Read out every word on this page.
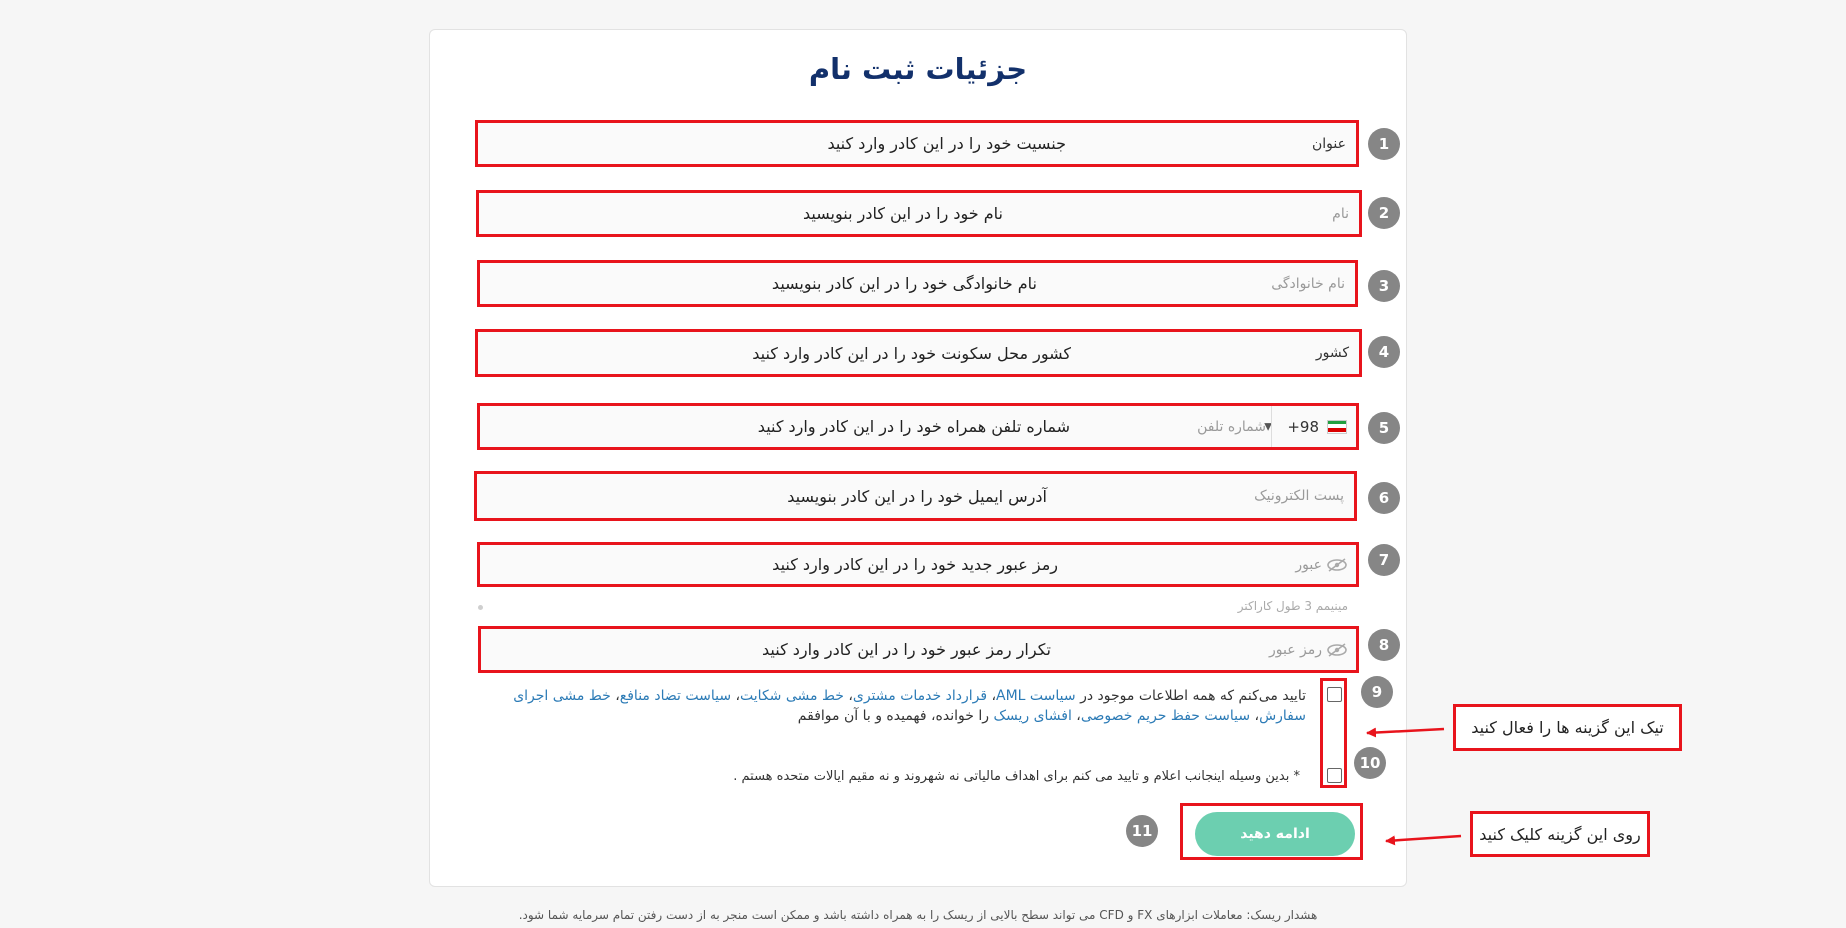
جزئیات ثبت نام
عنوان
جنسیت خود را در این کادر وارد کنید	1
نام
نام خود را در این کادر بنویسید	2
نام خانوادگی
نام خانوادگی خود را در این کادر بنویسید	3
کشور
کشور محل سکونت خود را در این کادر وارد کنید	4
+98
▼
شماره تلفن
شماره تلفن همراه خود را در این کادر وارد کنید	5
پست الکترونیک
آدرس ایمیل خود را در این کادر بنویسید	6
عبور
رمز عبور جدید خود را در این کادر وارد کنید	7
مینیمم 3 طول کاراکتر
رمز عبور
تکرار رمز عبور خود را در این کادر وارد کنید	8
9
10
تایید می‌کنم که همه اطلاعات موجود در سیاست AML، قرارداد خدمات مشتری، خط مشی شکایت، سیاست تضاد منافع، خط مشی اجرای سفارش، سیاست حفظ حریم خصوصی، افشای ریسک را خوانده، فهمیده و با آن موافقم
* بدین وسیله اینجانب اعلام و تایید می کنم برای اهداف مالیاتی نه شهروند و نه مقیم ایالات متحده هستم .
11	ادامه دهید
تیک این گزینه ها را فعال کنید
روی این گزینه کلیک کنید
هشدار ریسک: معاملات ابزارهای FX و CFD می تواند سطح بالایی از ریسک را به همراه داشته باشد و ممکن است منجر به از دست رفتن تمام سرمایه شما شود.
